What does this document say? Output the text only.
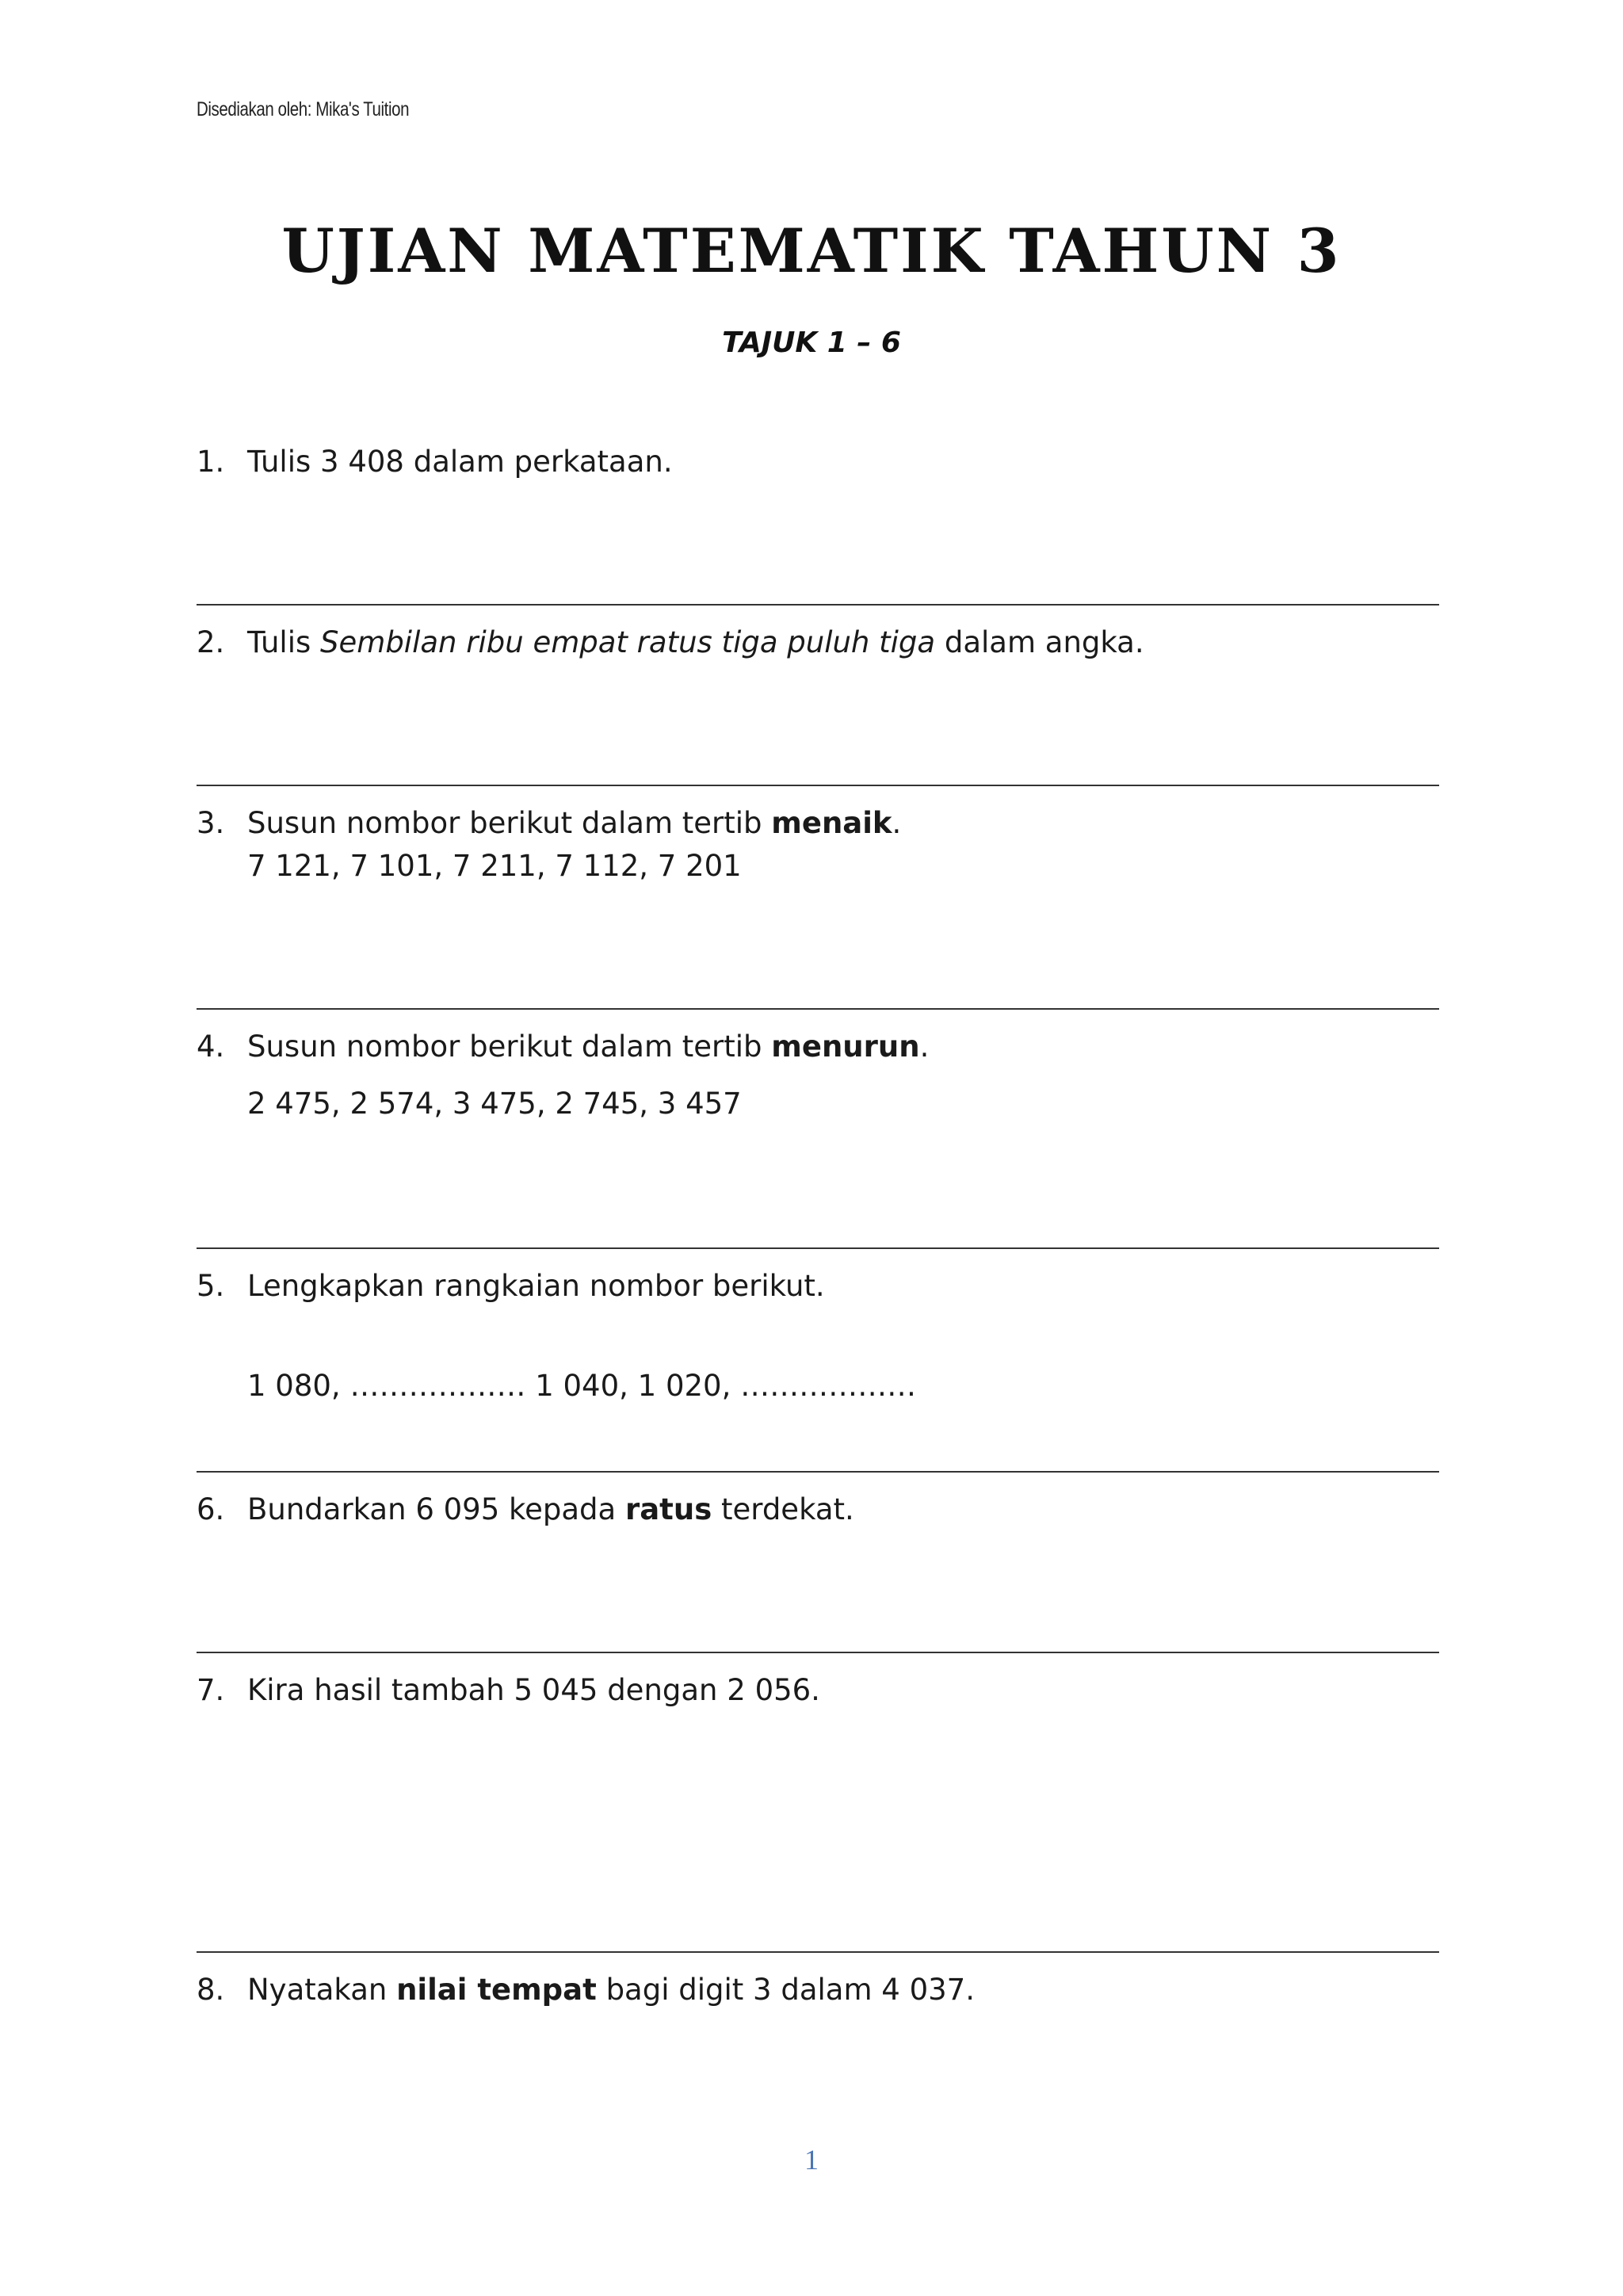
Disediakan oleh: Mika's Tuition
UJIAN MATEMATIK TAHUN 3
TAJUK 1 – 6
1. Tulis 3 408 dalam perkataan.
2. Tulis Sembilan ribu empat ratus tiga puluh tiga dalam angka.
3. Susun nombor berikut dalam tertib menaik.
7 121, 7 101, 7 211, 7 112, 7 201
4. Susun nombor berikut dalam tertib menurun.
2 475, 2 574, 3 475, 2 745, 3 457
5. Lengkapkan rangkaian nombor berikut.
1 080, ……………… 1 040, 1 020, ………………
6. Bundarkan 6 095 kepada ratus terdekat.
7. Kira hasil tambah 5 045 dengan 2 056.
8. Nyatakan nilai tempat bagi digit 3 dalam 4 037.
1
